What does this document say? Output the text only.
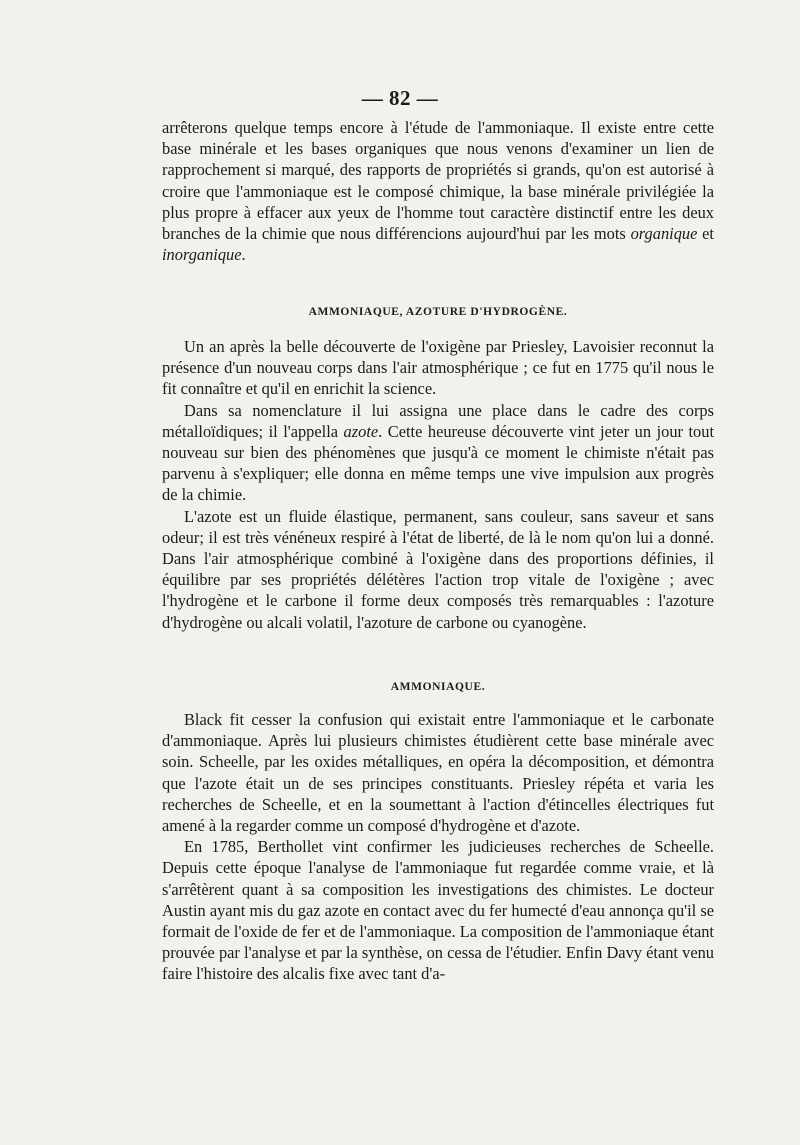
— 82 —

arrêterons quelque temps encore à l'étude de l'ammoniaque. Il existe entre cette base minérale et les bases organiques que nous venons d'examiner un lien de rapprochement si marqué, des rapports de propriétés si grands, qu'on est autorisé à croire que l'ammoniaque est le composé chimique, la base minérale privilégiée la plus propre à effacer aux yeux de l'homme tout caractère distinctif entre les deux branches de la chimie que nous différencions aujourd'hui par les mots organique et inorganique.

AMMONIAQUE, AZOTURE D'HYDROGÈNE.

Un an après la belle découverte de l'oxigène par Priesley, Lavoisier reconnut la présence d'un nouveau corps dans l'air atmosphérique ; ce fut en 1775 qu'il nous le fit connaître et qu'il en enrichit la science.

Dans sa nomenclature il lui assigna une place dans le cadre des corps métalloïdiques; il l'appella azote. Cette heureuse découverte vint jeter un jour tout nouveau sur bien des phénomènes que jusqu'à ce moment le chimiste n'était pas parvenu à s'expliquer; elle donna en même temps une vive impulsion aux progrès de la chimie.

L'azote est un fluide élastique, permanent, sans couleur, sans saveur et sans odeur; il est très vénéneux respiré à l'état de liberté, de là le nom qu'on lui a donné. Dans l'air atmosphérique combiné à l'oxigène dans des proportions définies, il équilibre par ses propriétés délétères l'action trop vitale de l'oxigène ; avec l'hydrogène et le carbone il forme deux composés très remarquables : l'azoture d'hydrogène ou alcali volatil, l'azoture de carbone ou cyanogène.

AMMONIAQUE.

Black fit cesser la confusion qui existait entre l'ammoniaque et le carbonate d'ammoniaque. Après lui plusieurs chimistes étudièrent cette base minérale avec soin. Scheelle, par les oxides métalliques, en opéra la décomposition, et démontra que l'azote était un de ses principes constituants. Priesley répéta et varia les recherches de Scheelle, et en la soumettant à l'action d'étincelles électriques fut amené à la regarder comme un composé d'hydrogène et d'azote.

En 1785, Berthollet vint confirmer les judicieuses recherches de Scheelle. Depuis cette époque l'analyse de l'ammoniaque fut regardée comme vraie, et là s'arrêtèrent quant à sa composition les investigations des chimistes. Le docteur Austin ayant mis du gaz azote en contact avec du fer humecté d'eau annonça qu'il se formait de l'oxide de fer et de l'ammoniaque. La composition de l'ammoniaque étant prouvée par l'analyse et par la synthèse, on cessa de l'étudier. Enfin Davy étant venu faire l'histoire des alcalis fixe avec tant d'a-
